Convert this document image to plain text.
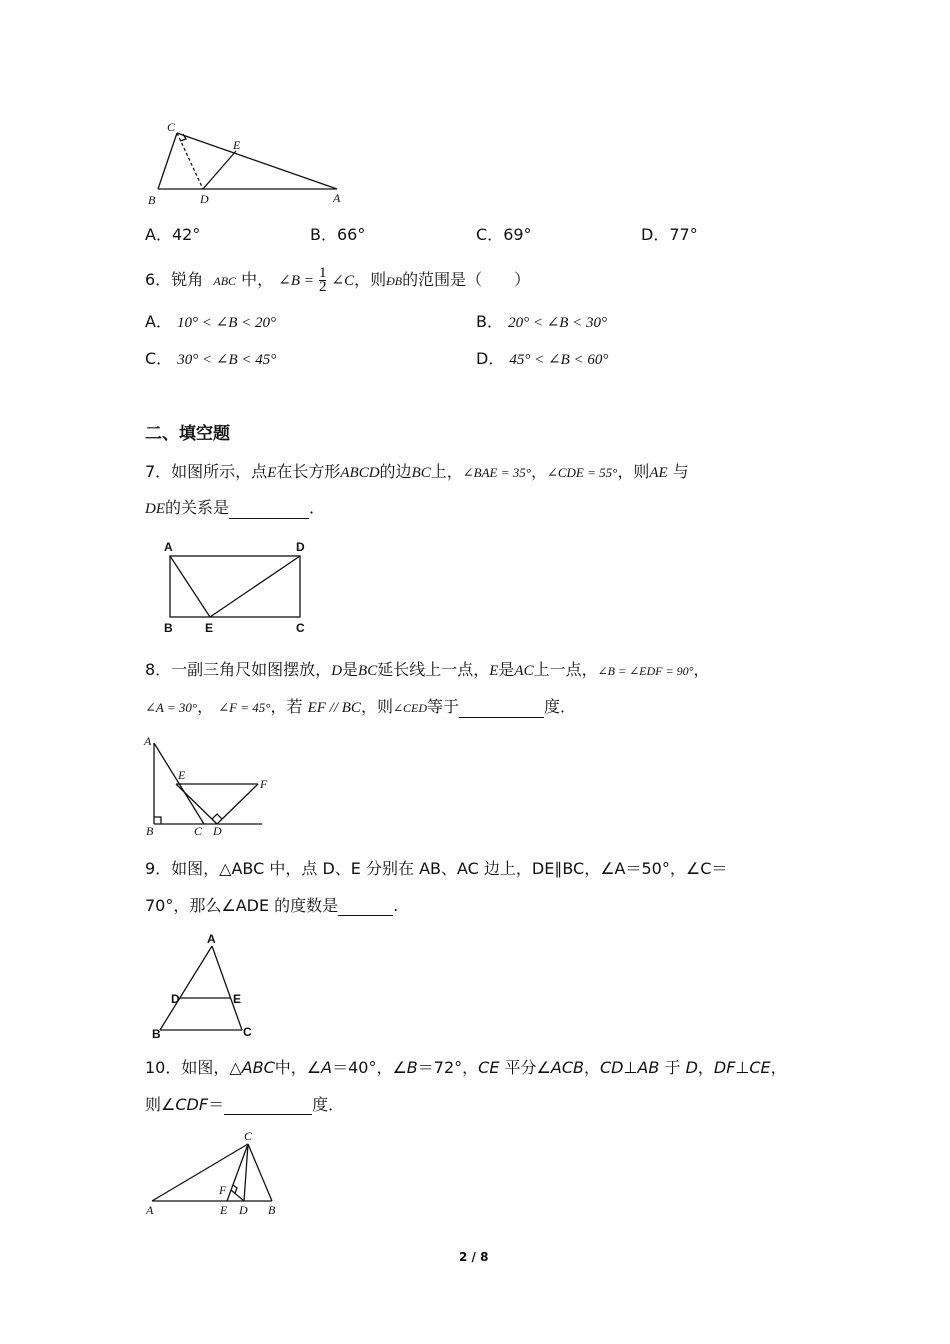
C
E
B	D	A
A．42°	B．66°	C．69°	D．77°
6．锐角 ABC 中， ∠B = $\frac{1}{2}$ ∠C，则ÐB的范围是（　　）
A． 10° < ∠B < 20°	B． 20° < ∠B < 30°
C． 30° < ∠B < 45°	D． 45° < ∠B < 60°
二、填空题
7．如图所示，点E在长方形ABCD的边BC上，∠BAE = 35°，∠CDE = 55°，则AE 与
DE的关系是	．
A	D
B	E	C
8．一副三角尺如图摆放，D是BC延长线上一点，E是AC上一点，∠B = ∠EDF = 90°，
∠A = 30°， ∠F = 45°，若 EF // BC，则∠CED等于	度．
A
E
F
B	C D
9．如图，△ABC 中，点 D、E 分别在 AB、AC 边上，DE∥BC，∠A＝50°，∠C＝
70°，那么∠ADE 的度数是	.
A
D	E
B	C
10．如图，△ABC中，∠A＝40°，∠B＝72°，CE 平分∠ACB，CD⊥AB 于 D，DF⊥CE，
则∠CDF＝	度．
C
F
A	E D B
2 / 8
